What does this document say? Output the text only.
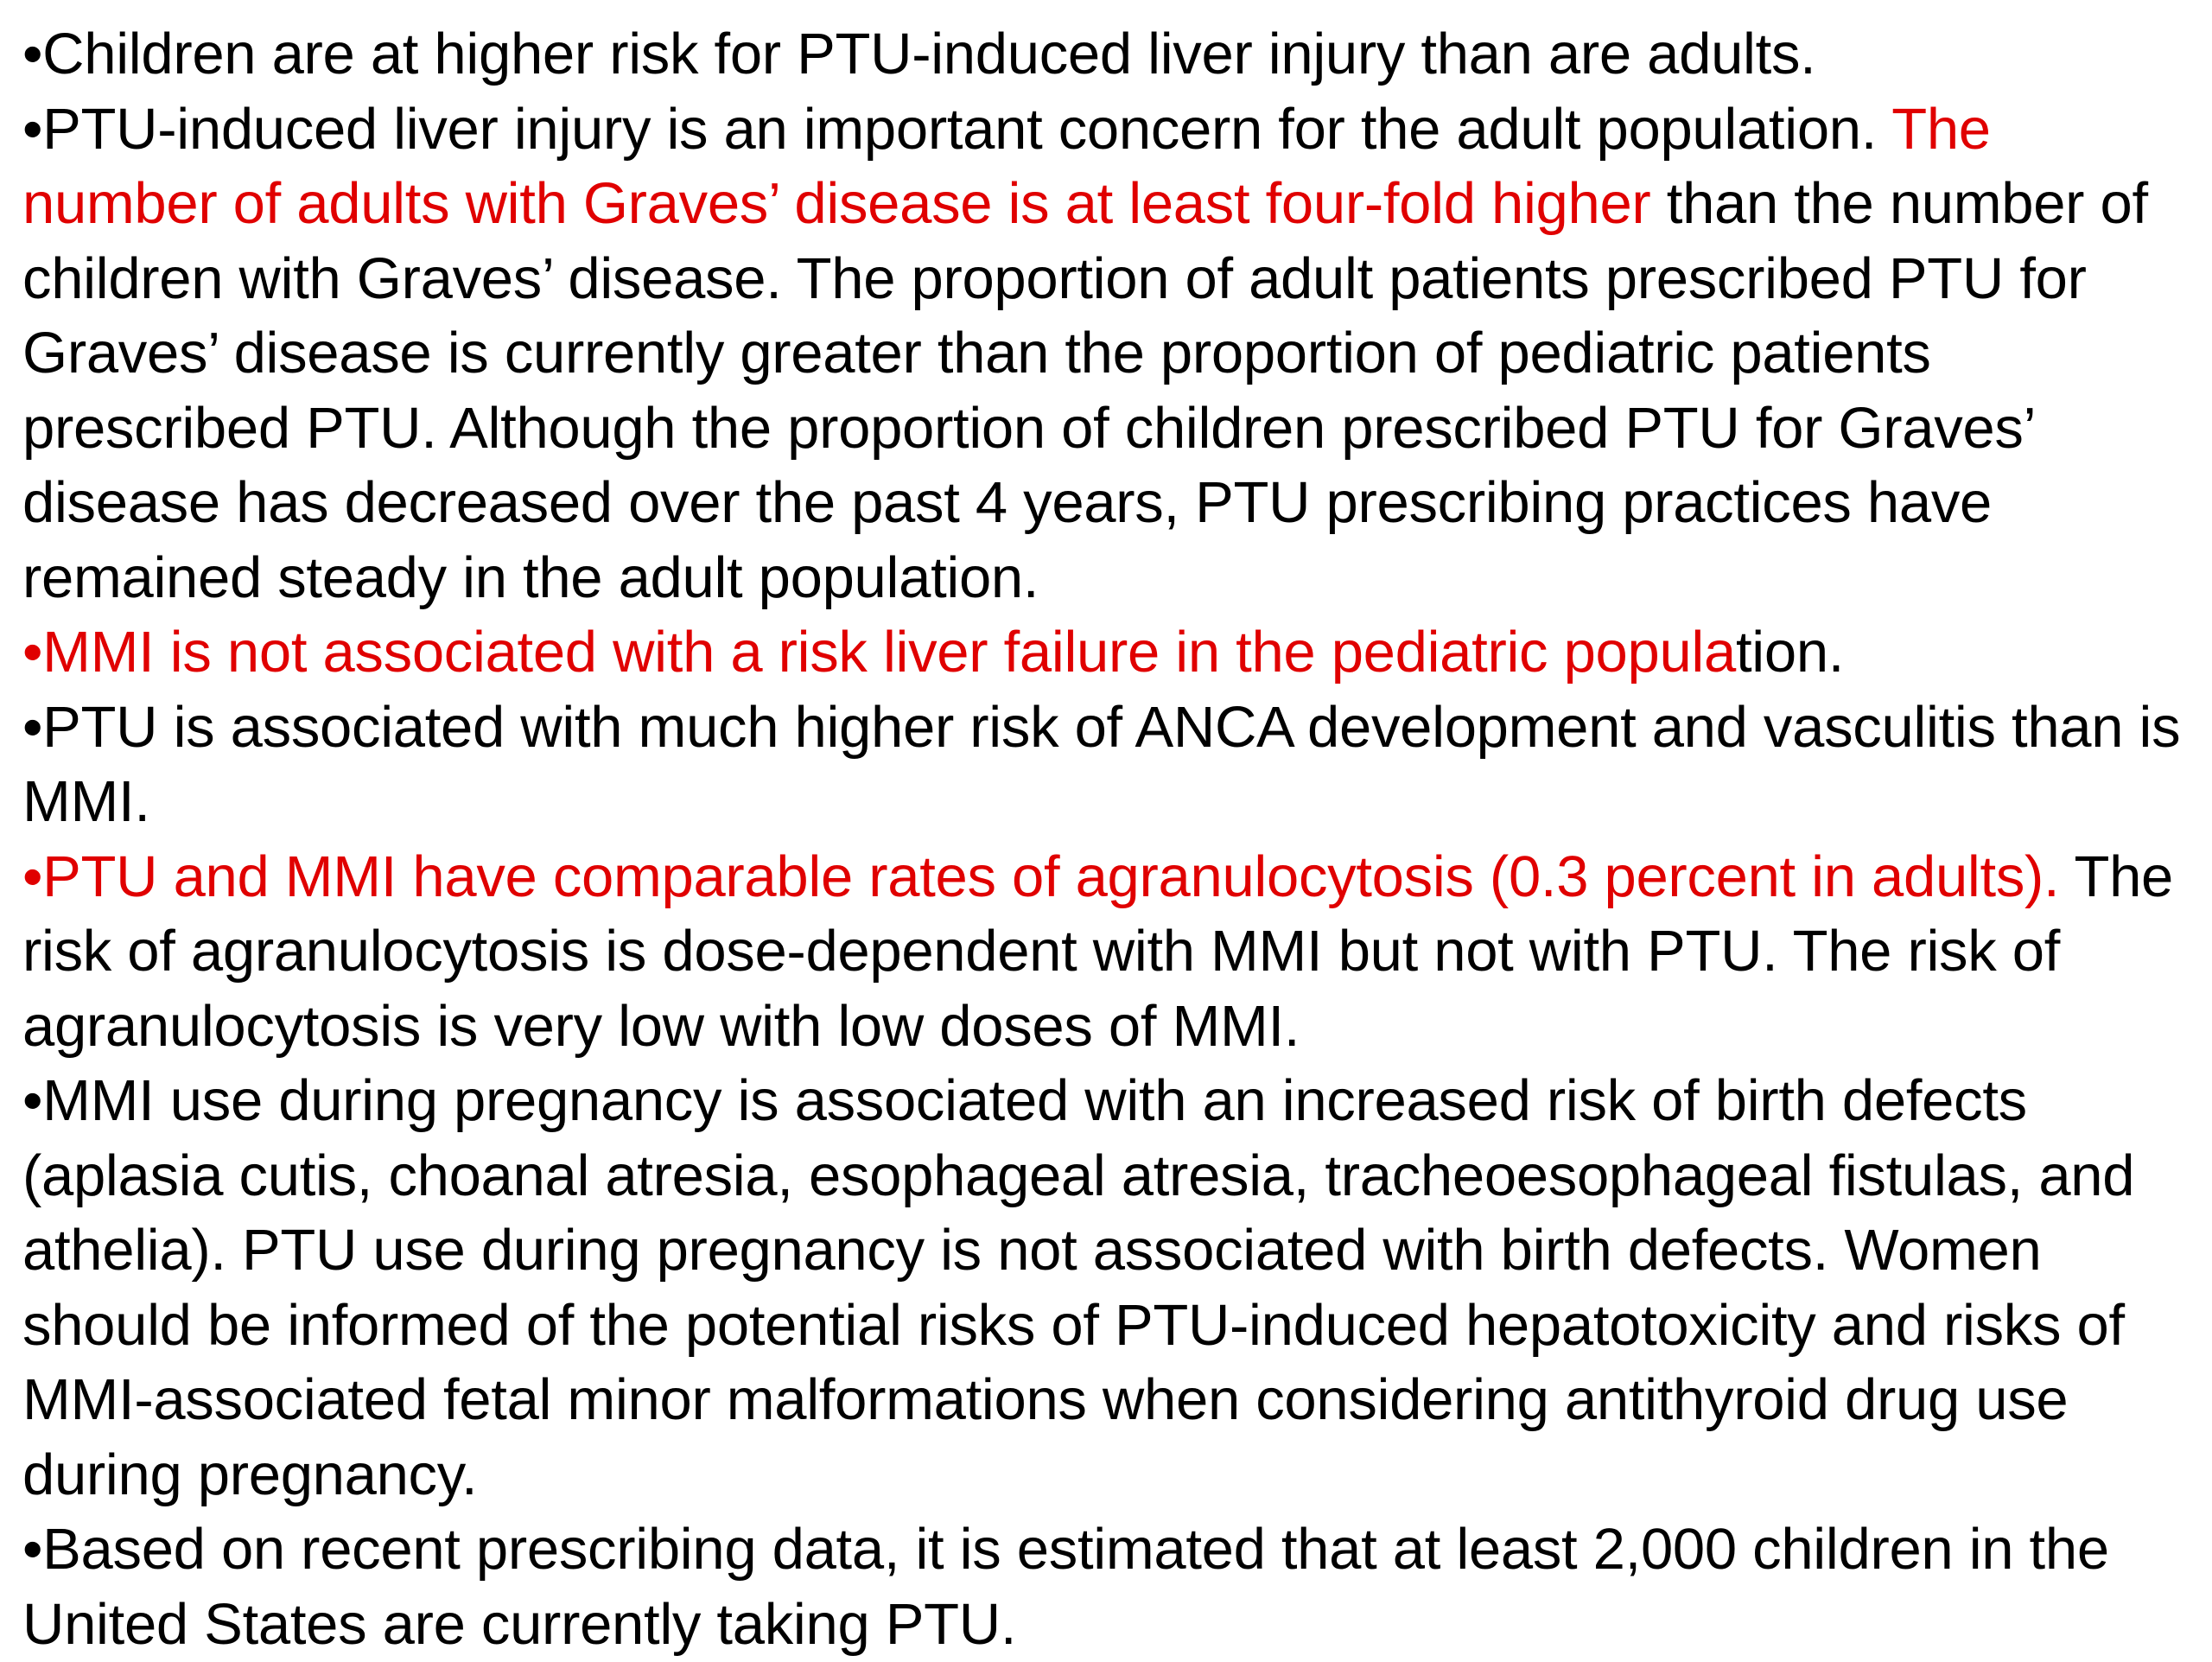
•Children are at higher risk for PTU-induced liver injury than are adults.

•PTU-induced liver injury is an important concern for the adult population. The number of adults with Graves’ disease is at least four-fold higher than the number of children with Graves’ disease. The proportion of adult patients prescribed PTU for Graves’ disease is currently greater than the proportion of pediatric patients prescribed PTU. Although the proportion of children prescribed PTU for Graves’ disease has decreased over the past 4 years, PTU prescribing practices have remained steady in the adult population.

•MMI is not associated with a risk liver failure in the pediatric population.

•PTU is associated with much higher risk of ANCA development and vasculitis than is MMI.

•PTU and MMI have comparable rates of agranulocytosis (0.3 percent in adults). The risk of agranulocytosis is dose-dependent with MMI but not with PTU. The risk of agranulocytosis is very low with low doses of MMI.

•MMI use during pregnancy is associated with an increased risk of birth defects (aplasia cutis, choanal atresia, esophageal atresia, tracheoesophageal fistulas, and athelia). PTU use during pregnancy is not associated with birth defects. Women should be informed of the potential risks of PTU-induced hepatotoxicity and risks of MMI-associated fetal minor malformations when considering antithyroid drug use during pregnancy.

•Based on recent prescribing data, it is estimated that at least 2,000 children in the United States are currently taking PTU.
